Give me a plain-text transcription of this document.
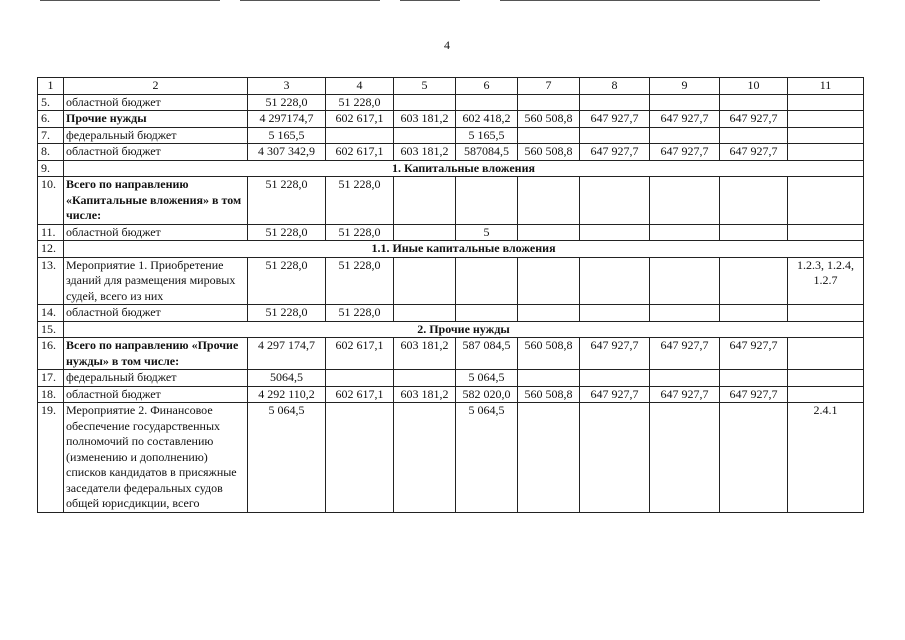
4
1	2	3	4	5	6	7	8	9	10	11
5.	областной бюджет	51 228,0	51 228,0							
6.	Прочие нужды	4 297174,7	602 617,1	603 181,2	602 418,2	560 508,8	647 927,7	647 927,7	647 927,7	
7.	федеральный бюджет	5 165,5			5 165,5					
8.	областной бюджет	4 307 342,9	602 617,1	603 181,2	587084,5	560 508,8	647 927,7	647 927,7	647 927,7	
9.	1. Капитальные вложения									
10.	Всего по направлению «Капитальные вложения» в том числе:	51 228,0	51 228,0							
11.	областной бюджет	51 228,0	51 228,0		5					
12.	1.1. Иные капитальные вложения									
13.	Мероприятие 1. Приобретение зданий для размещения мировых судей, всего из них	51 228,0	51 228,0							1.2.3, 1.2.4, 1.2.7
14.	областной бюджет	51 228,0	51 228,0							
15.	2. Прочие нужды									
16.	Всего по направлению «Прочие нужды» в том числе:	4 297 174,7	602 617,1	603 181,2	587 084,5	560 508,8	647 927,7	647 927,7	647 927,7	
17.	федеральный бюджет	5064,5			5 064,5					
18.	областной бюджет	4 292 110,2	602 617,1	603 181,2	582 020,0	560 508,8	647 927,7	647 927,7	647 927,7	
19.	Мероприятие 2. Финансовое обеспечение государственных полномочий по составлению (изменению и дополнению) списков кандидатов в присяжные заседатели федеральных судов общей юрисдикции, всего	5 064,5			5 064,5					2.4.1
